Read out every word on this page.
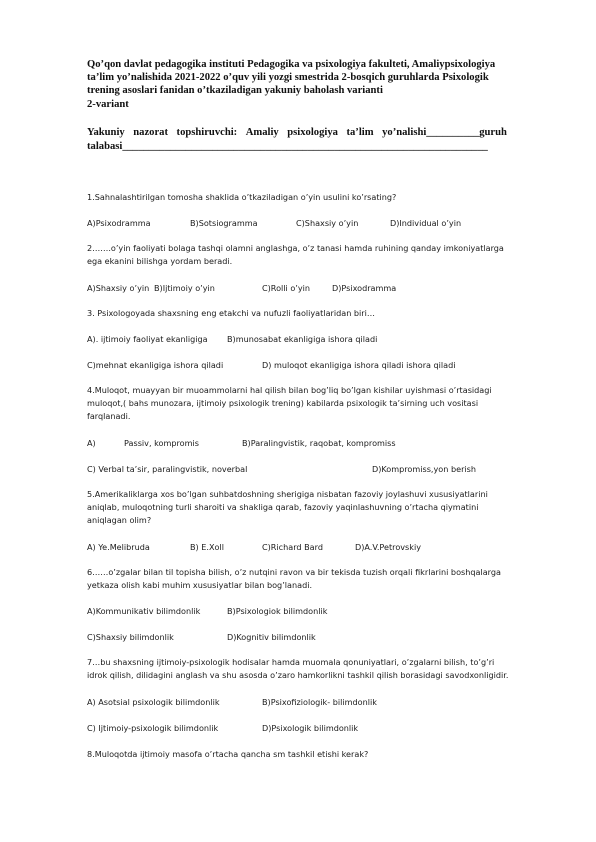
Qo’qon davlat pedagogika instituti Pedagogika va psixologiya fakulteti, Amaliypsixologiya
ta’lim yo’nalishida 2021-2022 o’quv yili yozgi smestrida 2-bosqich guruhlarda Psixologik
trening asoslari fanidan o’tkaziladigan yakuniy baholash varianti
2-variant
Yakuniy nazorat topshiruvchi: Amaliy psixologiya ta’lim yo’nalishi__________guruh
talabasi_____________________________________________________________________
1.Sahnalashtirilgan tomosha shaklida o’tkaziladigan o’yin usulini ko’rsating?
A)Psixodramma	B)Sotsiogramma	C)Shaxsiy o’yin	D)Individual o’yin
2…….o’yin faoliyati bolaga tashqi olamni anglashga, o’z tanasi hamda ruhining qanday imkoniyatlarga
ega ekanini bilishga yordam beradi.
A)Shaxsiy o’yin B)Ijtimoiy o’yin	C)Rolli o’yin	D)Psixodramma
3. Psixologoyada shaxsning eng etakchi va nufuzli faoliyatlaridan biri…
A). ijtimoiy faoliyat ekanligiga B)munosabat ekanligiga ishora qiladi
C)mehnat ekanligiga ishora qiladi	D) muloqot ekanligiga ishora qiladi ishora qiladi
4.Muloqot, muayyan bir muoammolarni hal qilish bilan bog’liq bo’lgan kishilar uyishmasi o’rtasidagi
muloqot,( bahs munozara, ijtimoiy psixologik trening) kabilarda psixologik ta’sirning uch vositasi
farqlanadi.
A)	Passiv, kompromis	B)Paralingvistik, raqobat, kompromiss
C) Verbal ta’sir, paralingvistik, noverbal	D)Kompromiss,yon berish
5.Amerikaliklarga xos bo’lgan suhbatdoshning sherigiga nisbatan fazoviy joylashuvi xususiyatlarini
aniqlab, muloqotning turli sharoiti va shakliga qarab, fazoviy yaqinlashuvning o’rtacha qiymatini
aniqlagan olim?
A) Ye.Melibruda	B) E.Xoll	C)Richard Bard	D)A.V.Petrovskiy
6……o’zgalar bilan til topisha bilish, o’z nutqini ravon va bir tekisda tuzish orqali fikrlarini boshqalarga
yetkaza olish kabi muhim xususiyatlar bilan bog’lanadi.
A)Kommunikativ bilimdonlik	B)Psixologiok bilimdonlik
C)Shaxsiy bilimdonlik	D)Kognitiv bilimdonlik
7…bu shaxsning ijtimoiy-psixologik hodisalar hamda muomala qonuniyatlari, o’zgalarni bilish, to’g’ri
idrok qilish, dilidagini anglash va shu asosda o’zaro hamkorlikni tashkil qilish borasidagi savodxonligidir.
A) Asotsial psixologik bilimdonlik	B)Psixofiziologik- bilimdonlik
C) Ijtimoiy-psixologik bilimdonlik	D)Psixologik bilimdonlik
8.Muloqotda ijtimoiy masofa o’rtacha qancha sm tashkil etishi kerak?
